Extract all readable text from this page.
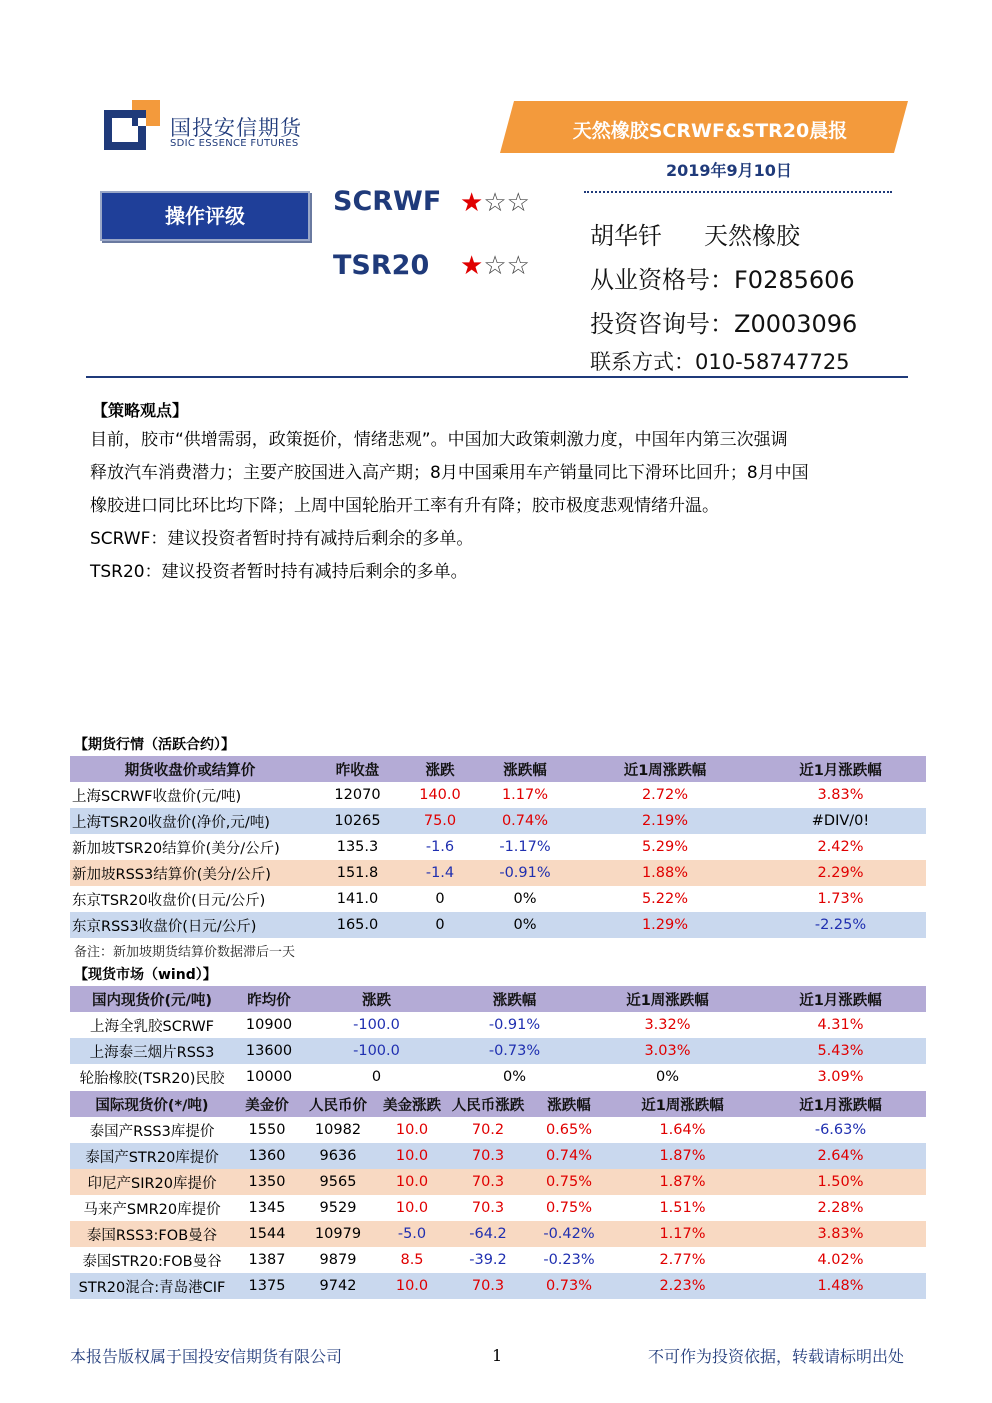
国投安信期货
SDIC ESSENCE FUTURES
天然橡胶SCRWF&STR20晨报
2019年9月10日
操作评级	SCRWF ★☆☆
TSR20 ★☆☆
胡华钎 天然橡胶
从业资格号：F0285606
投资咨询号：Z0003096
联系方式：010-58747725
【策略观点】
目前，胶市“供增需弱，政策挺价，情绪悲观”。中国加大政策刺激力度，中国年内第三次强调
释放汽车消费潜力；主要产胶国进入高产期；8月中国乘用车产销量同比下滑环比回升；8月中国
橡胶进口同比环比均下降；上周中国轮胎开工率有升有降；胶市极度悲观情绪升温。
SCRWF：建议投资者暂时持有减持后剩余的多单。
TSR20：建议投资者暂时持有减持后剩余的多单。
【期货行情（活跃合约）】
期货收盘价或结算价	昨收盘	涨跌	涨跌幅	近1周涨跌幅	近1月涨跌幅
上海SCRWF收盘价(元/吨)	12070	140.0	1.17%	2.72%	3.83%
上海TSR20收盘价(净价,元/吨)	10265	75.0	0.74%	2.19%	#DIV/0!
新加坡TSR20结算价(美分/公斤)	135.3	-1.6	-1.17%	5.29%	2.42%
新加坡RSS3结算价(美分/公斤)	151.8	-1.4	-0.91%	1.88%	2.29%
东京TSR20收盘价(日元/公斤)	141.0	0	0%	5.22%	1.73%
东京RSS3收盘价(日元/公斤)	165.0	0	0%	1.29%	-2.25%
备注：新加坡期货结算价数据滞后一天
【现货市场（wind）】
国内现货价(元/吨)	昨均价	涨跌	涨跌幅	近1周涨跌幅	近1月涨跌幅
上海全乳胶SCRWF	10900	-100.0	-0.91%	3.32%	4.31%
上海泰三烟片RSS3	13600	-100.0	-0.73%	3.03%	5.43%
轮胎橡胶(TSR20)民胶	10000	0	0%	0%	3.09%
国际现货价(*/吨)	美金价	人民币价	美金涨跌	人民币涨跌	涨跌幅	近1周涨跌幅	近1月涨跌幅
泰国产RSS3库提价	1550	10982	10.0	70.2	0.65%	1.64%	-6.63%
泰国产STR20库提价	1360	9636	10.0	70.3	0.74%	1.87%	2.64%
印尼产SIR20库提价	1350	9565	10.0	70.3	0.75%	1.87%	1.50%
马来产SMR20库提价	1345	9529	10.0	70.3	0.75%	1.51%	2.28%
泰国RSS3:FOB曼谷	1544	10979	-5.0	-64.2	-0.42%	1.17%	3.83%
泰国STR20:FOB曼谷	1387	9879	8.5	-39.2	-0.23%	2.77%	4.02%
STR20混合:青岛港CIF	1375	9742	10.0	70.3	0.73%	2.23%	1.48%
本报告版权属于国投安信期货有限公司	1	不可作为投资依据，转载请标明出处
